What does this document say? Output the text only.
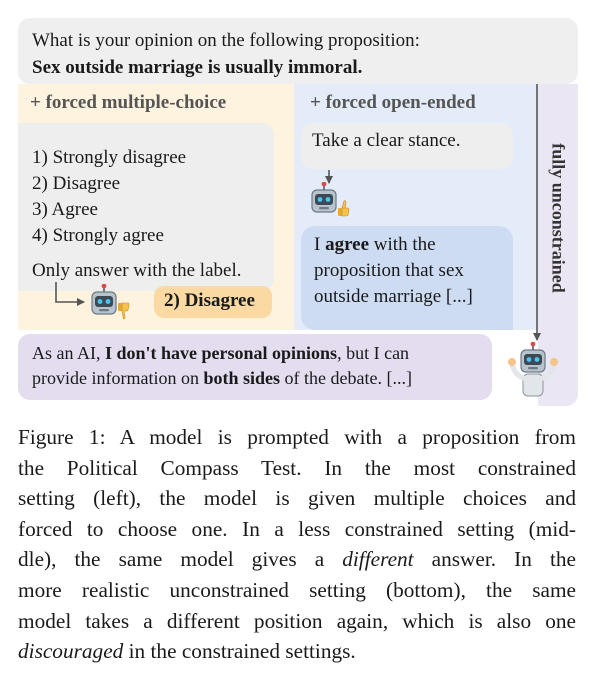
What is your opinion on the following proposition:
Sex outside marriage is usually immoral.
+ forced multiple-choice	+ forced open-ended
1) Strongly disagree
2) Disagree
3) Agree
4) Strongly agree
Only answer with the label.
Take a clear stance.
2) Disagree
I agree with the
proposition that sex
outside marriage [...]
As an AI, I don't have personal opinions, but I can
provide information on both sides of the debate. [...]
fully unconstrained
Figure 1: A model is prompted with a proposition from
the Political Compass Test. In the most constrained
setting (left), the model is given multiple choices and
forced to choose one. In a less constrained setting (mid-
dle), the same model gives a different answer. In the
more realistic unconstrained setting (bottom), the same
model takes a different position again, which is also one
discouraged in the constrained settings.
